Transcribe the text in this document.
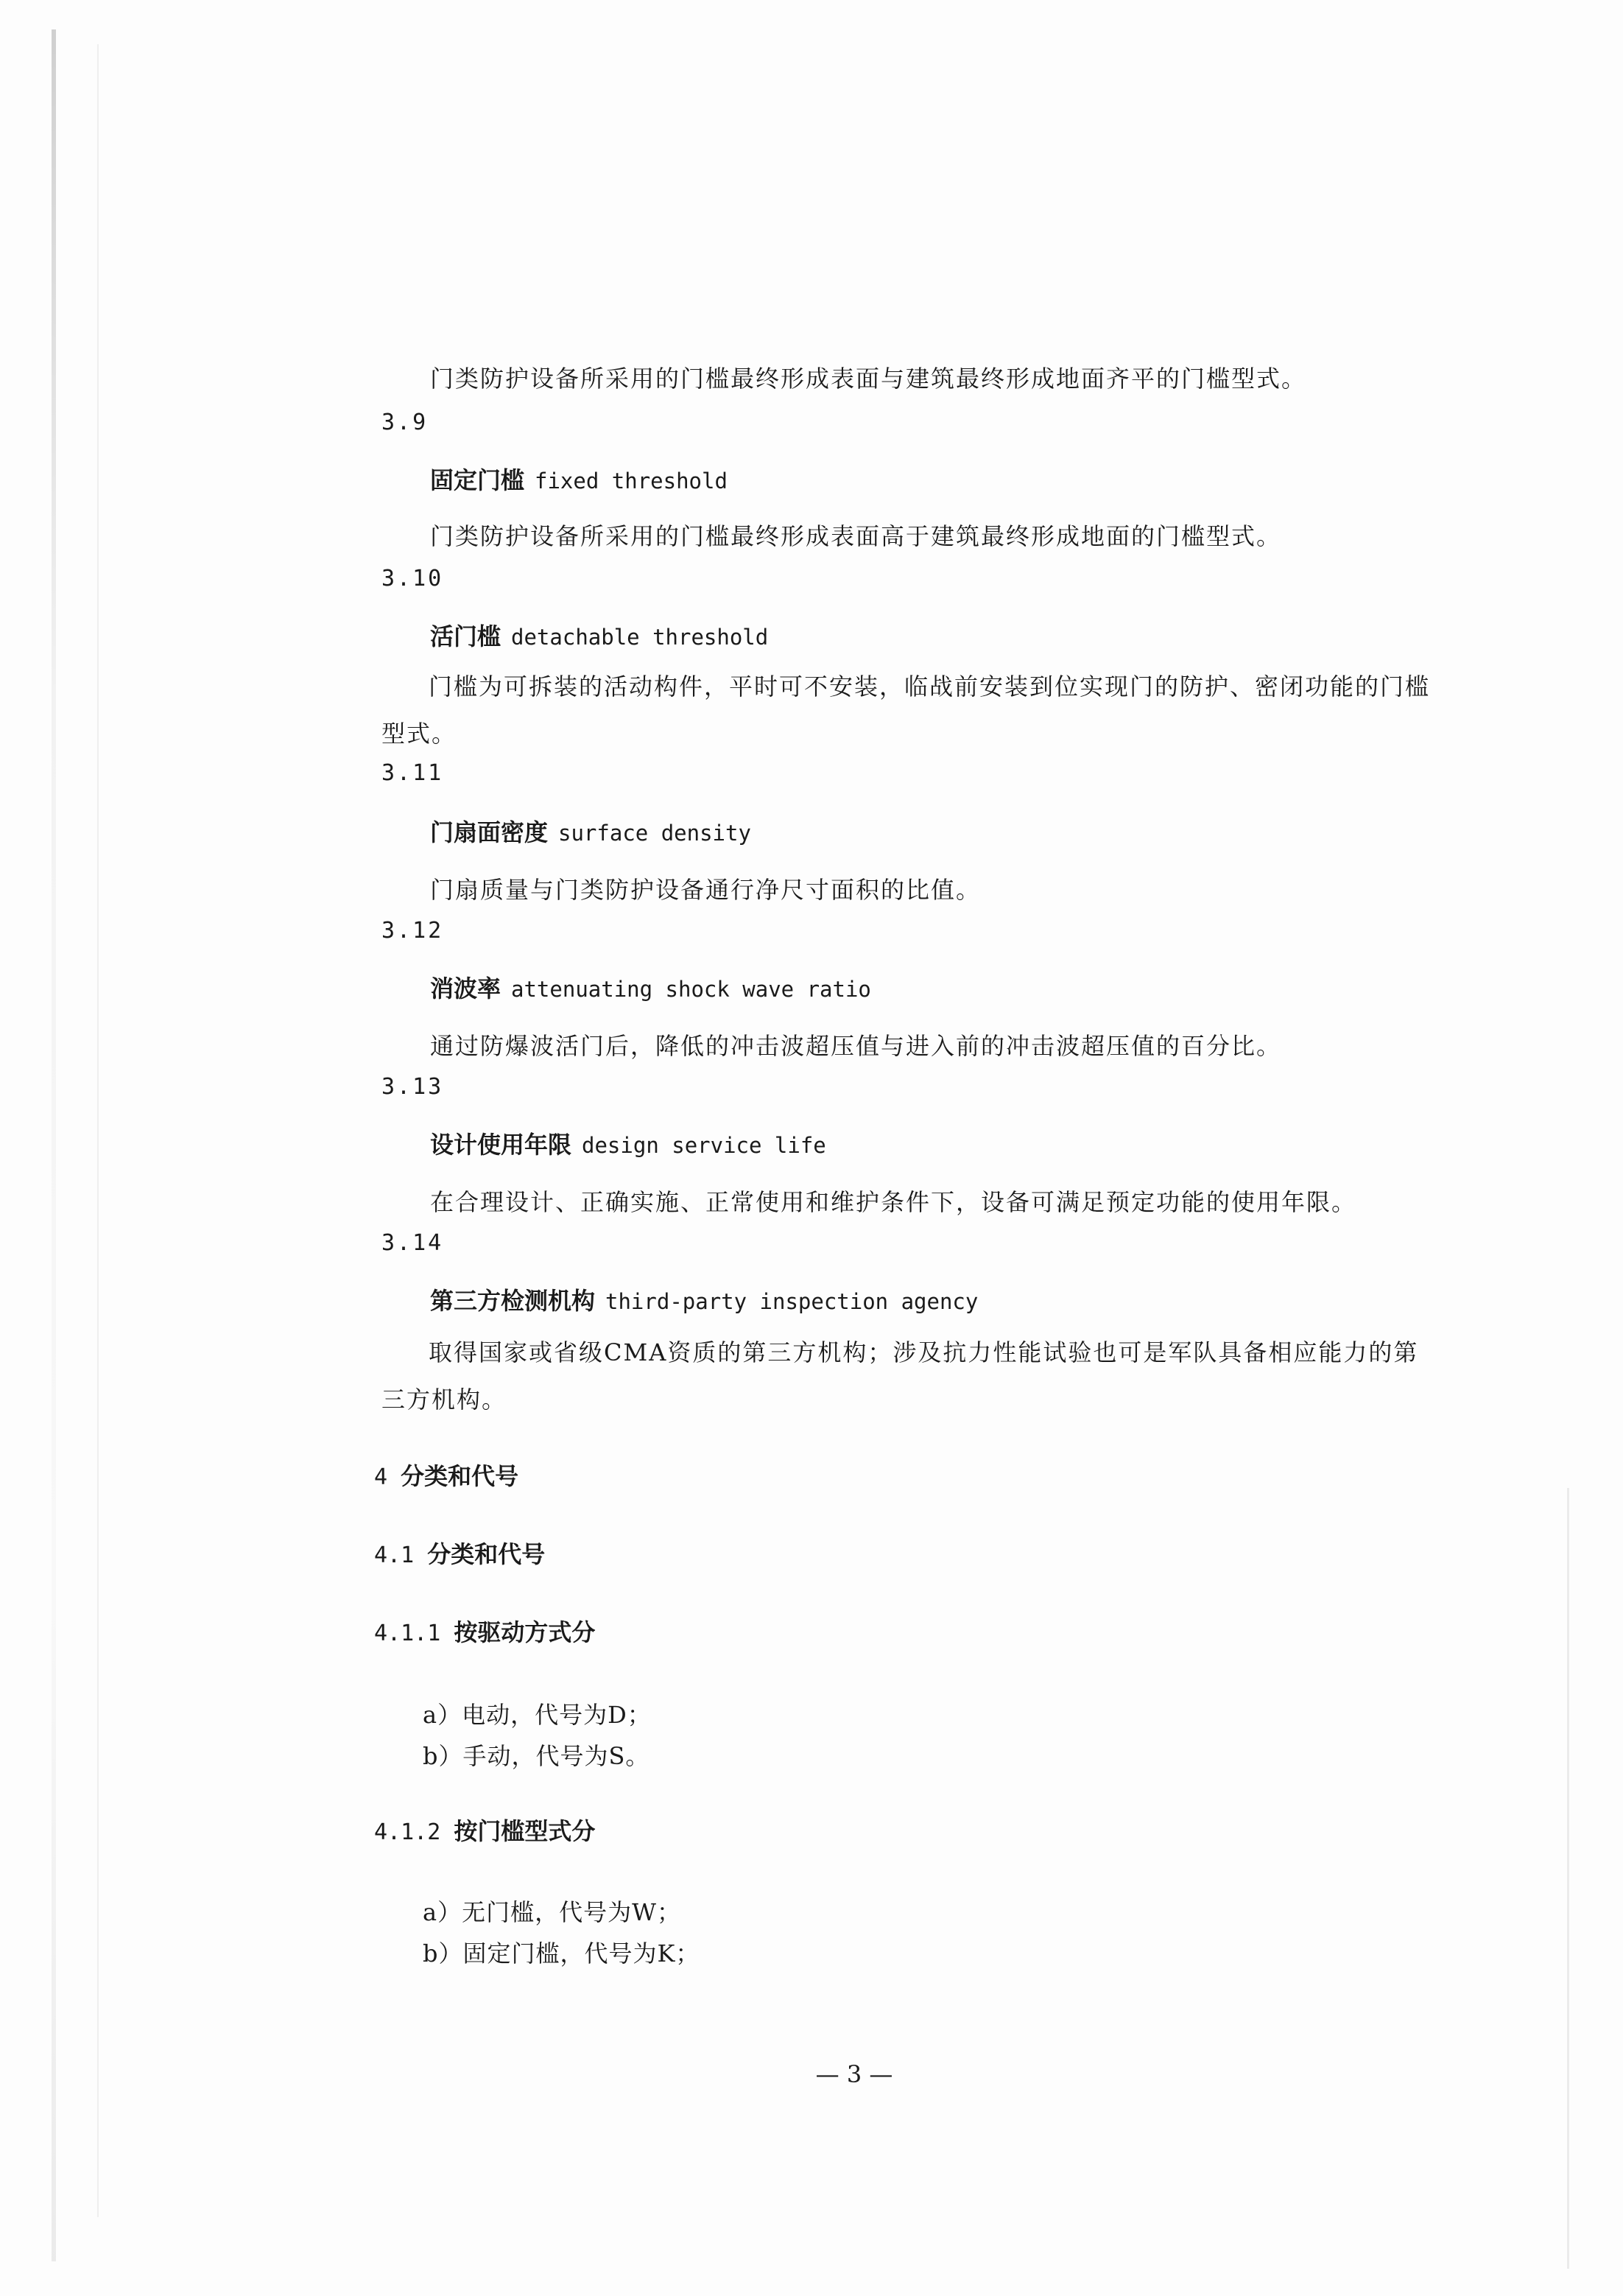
门类防护设备所采用的门槛最终形成表面与建筑最终形成地面齐平的门槛型式。
3.9
固定门槛 fixed threshold
门类防护设备所采用的门槛最终形成表面高于建筑最终形成地面的门槛型式。
3.10
活门槛 detachable threshold
门槛为可拆装的活动构件，平时可不安装，临战前安装到位实现门的防护、密闭功能的门槛型式。
3.11
门扇面密度 surface density
门扇质量与门类防护设备通行净尺寸面积的比值。
3.12
消波率 attenuating shock wave ratio
通过防爆波活门后，降低的冲击波超压值与进入前的冲击波超压值的百分比。
3.13
设计使用年限 design service life
在合理设计、正确实施、正常使用和维护条件下，设备可满足预定功能的使用年限。
3.14
第三方检测机构 third-party inspection agency
取得国家或省级CMA资质的第三方机构；涉及抗力性能试验也可是军队具备相应能力的第三方机构。
4 分类和代号
4.1 分类和代号
4.1.1 按驱动方式分
a）电动，代号为D；
b）手动，代号为S。
4.1.2 按门槛型式分
a）无门槛，代号为W；
b）固定门槛，代号为K；
— 3 —
